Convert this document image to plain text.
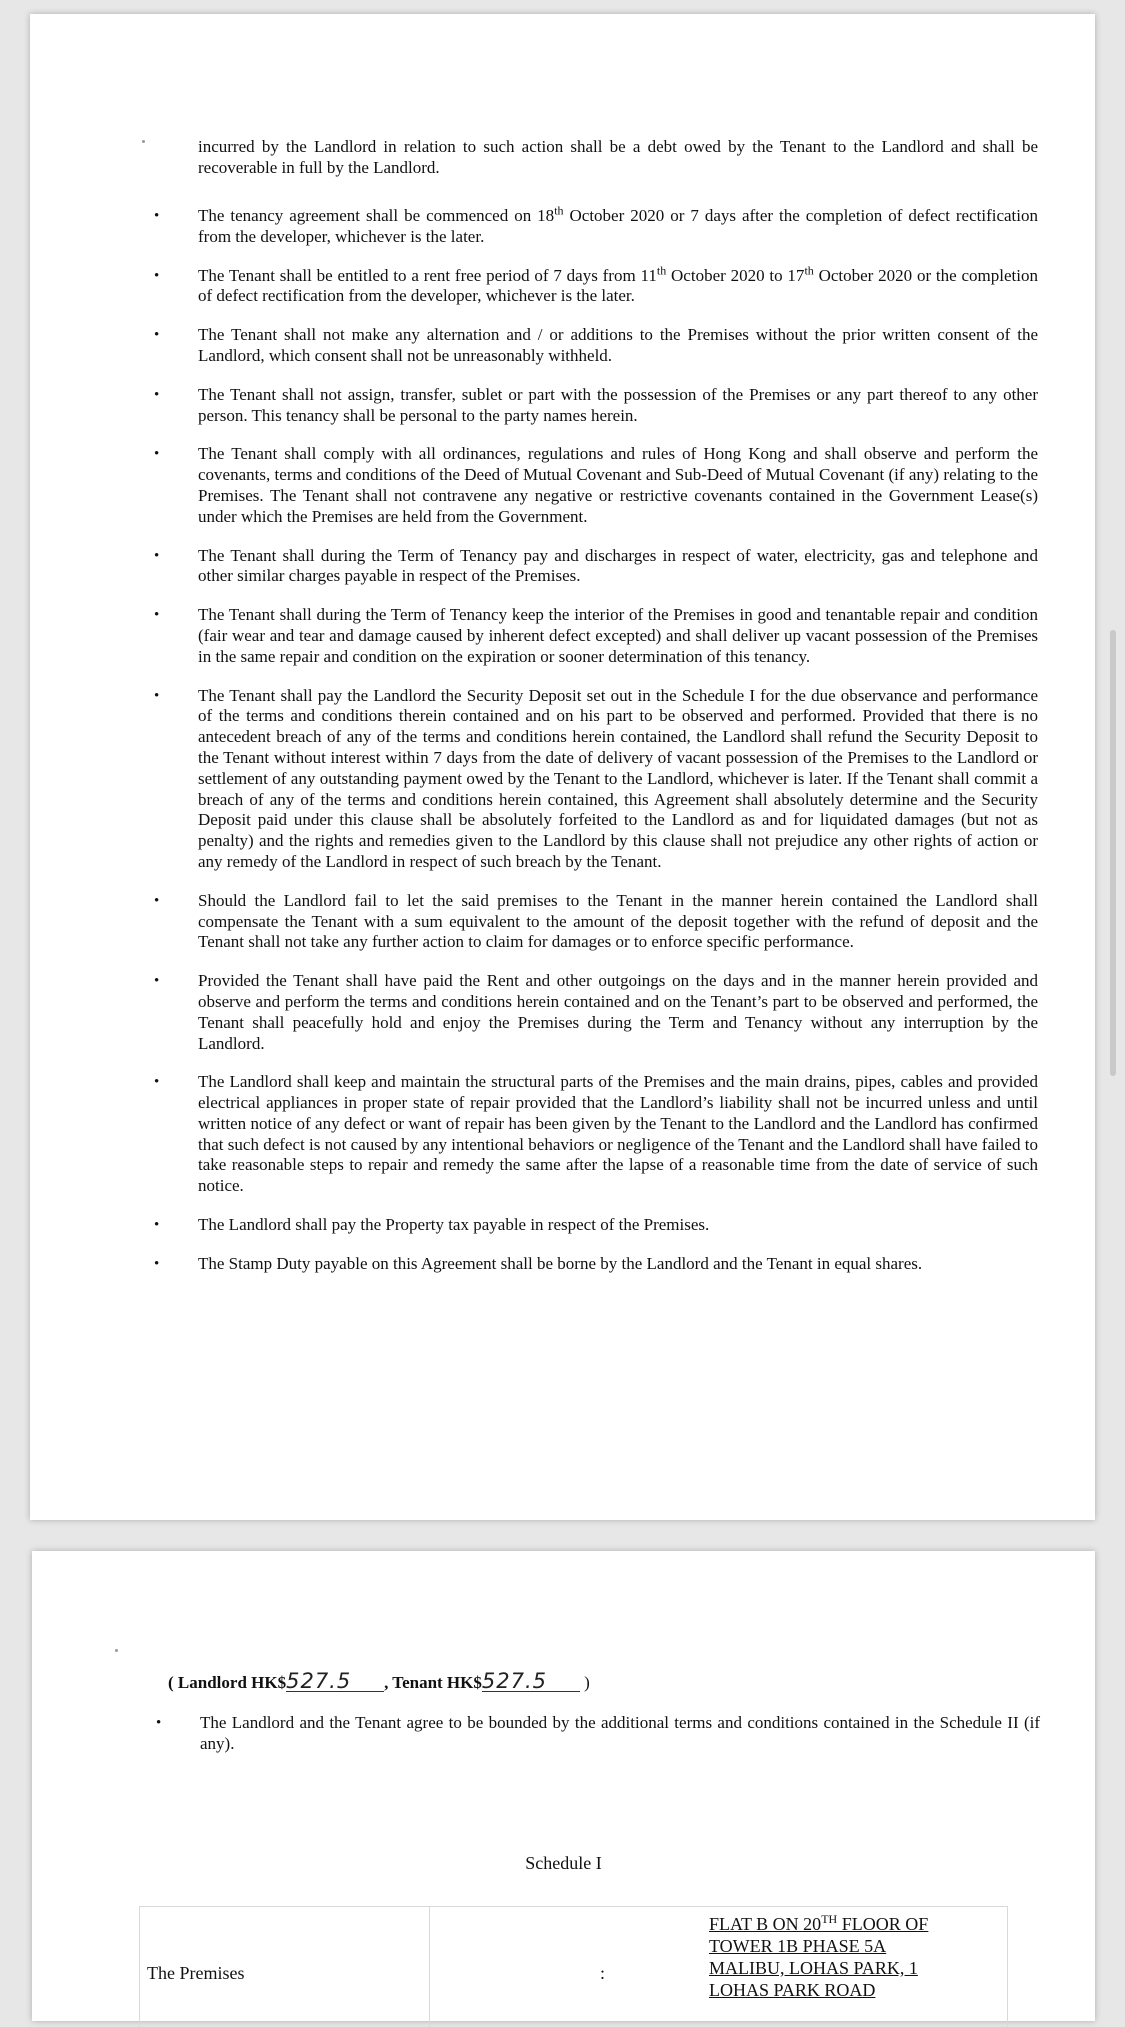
incurred by the Landlord in relation to such action shall be a debt owed by the Tenant to the Landlord and shall be recoverable in full by the Landlord.
• The tenancy agreement shall be commenced on 18th October 2020 or 7 days after the completion of defect rectification from the developer, whichever is the later.
• The Tenant shall be entitled to a rent free period of 7 days from 11th October 2020 to 17th October 2020 or the completion of defect rectification from the developer, whichever is the later.
• The Tenant shall not make any alternation and / or additions to the Premises without the prior written consent of the Landlord, which consent shall not be unreasonably withheld.
• The Tenant shall not assign, transfer, sublet or part with the possession of the Premises or any part thereof to any other person. This tenancy shall be personal to the party names herein.
• The Tenant shall comply with all ordinances, regulations and rules of Hong Kong and shall observe and perform the covenants, terms and conditions of the Deed of Mutual Covenant and Sub-Deed of Mutual Covenant (if any) relating to the Premises. The Tenant shall not contravene any negative or restrictive covenants contained in the Government Lease(s) under which the Premises are held from the Government.
• The Tenant shall during the Term of Tenancy pay and discharges in respect of water, electricity, gas and telephone and other similar charges payable in respect of the Premises.
• The Tenant shall during the Term of Tenancy keep the interior of the Premises in good and tenantable repair and condition (fair wear and tear and damage caused by inherent defect excepted) and shall deliver up vacant possession of the Premises in the same repair and condition on the expiration or sooner determination of this tenancy.
• The Tenant shall pay the Landlord the Security Deposit set out in the Schedule I for the due observance and performance of the terms and conditions therein contained and on his part to be observed and performed. Provided that there is no antecedent breach of any of the terms and conditions herein contained, the Landlord shall refund the Security Deposit to the Tenant without interest within 7 days from the date of delivery of vacant possession of the Premises to the Landlord or settlement of any outstanding payment owed by the Tenant to the Landlord, whichever is later. If the Tenant shall commit a breach of any of the terms and conditions herein contained, this Agreement shall absolutely determine and the Security Deposit paid under this clause shall be absolutely forfeited to the Landlord as and for liquidated damages (but not as penalty) and the rights and remedies given to the Landlord by this clause shall not prejudice any other rights of action or any remedy of the Landlord in respect of such breach by the Tenant.
• Should the Landlord fail to let the said premises to the Tenant in the manner herein contained the Landlord shall compensate the Tenant with a sum equivalent to the amount of the deposit together with the refund of deposit and the Tenant shall not take any further action to claim for damages or to enforce specific performance.
• Provided the Tenant shall have paid the Rent and other outgoings on the days and in the manner herein provided and observe and perform the terms and conditions herein contained and on the Tenant’s part to be observed and performed, the Tenant shall peacefully hold and enjoy the Premises during the Term and Tenancy without any interruption by the Landlord.
• The Landlord shall keep and maintain the structural parts of the Premises and the main drains, pipes, cables and provided electrical appliances in proper state of repair provided that the Landlord’s liability shall not be incurred unless and until written notice of any defect or want of repair has been given by the Tenant to the Landlord and the Landlord has confirmed that such defect is not caused by any intentional behaviors or negligence of the Tenant and the Landlord shall have failed to take reasonable steps to repair and remedy the same after the lapse of a reasonable time from the date of service of such notice.
• The Landlord shall pay the Property tax payable in respect of the Premises.
• The Stamp Duty payable on this Agreement shall be borne by the Landlord and the Tenant in equal shares.
( Landlord HK$527.5 , Tenant HK$527.5 )
• The Landlord and the Tenant agree to be bounded by the additional terms and conditions contained in the Schedule II (if any).
Schedule I
The Premises	:
FLAT B ON 20TH FLOOR OF
TOWER 1B PHASE 5A
MALIBU, LOHAS PARK, 1
LOHAS PARK ROAD
